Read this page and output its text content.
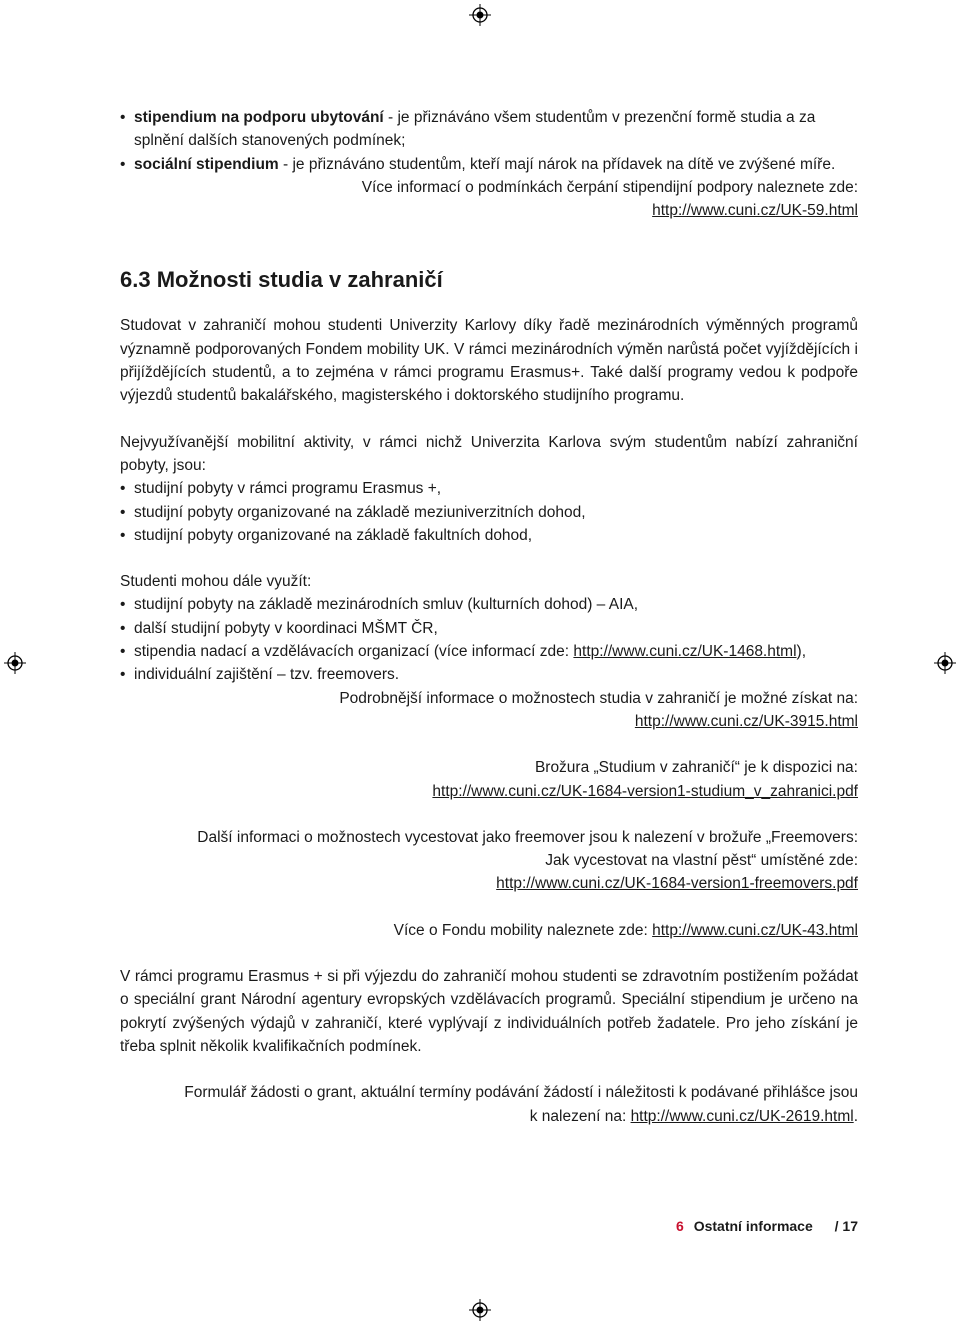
• stipendium na podporu ubytování - je přiznáváno všem studentům v prezenční formě studia a za splnění dalších stanovených podmínek;

• sociální stipendium - je přiznáváno studentům, kteří mají nárok na přídavek na dítě ve zvýšené míře.

Více informací o podmínkách čerpání stipendijní podpory naleznete zde:

http://www.cuni.cz/UK-59.html

6.3 Možnosti studia v zahraničí

Studovat v zahraničí mohou studenti Univerzity Karlovy díky řadě mezinárodních výměnných programů významně podporovaných Fondem mobility UK. V rámci mezinárodních výměn narůstá počet vyjíždějících i přijíždějících studentů, a to zejména v rámci programu Erasmus+. Také další programy vedou k podpoře výjezdů studentů bakalářského, magisterského i doktorského studijního programu.

Nejvyužívanější mobilitní aktivity, v rámci nichž Univerzita Karlova svým studentům nabízí zahraniční pobyty, jsou:

• studijní pobyty v rámci programu Erasmus +,

• studijní pobyty organizované na základě meziuniverzitních dohod,

• studijní pobyty organizované na základě fakultních dohod,

Studenti mohou dále využít:

• studijní pobyty na základě mezinárodních smluv (kulturních dohod) – AIA,

• další studijní pobyty v koordinaci MŠMT ČR,

• stipendia nadací a vzdělávacích organizací (více informací zde: http://www.cuni.cz/UK-1468.html),

• individuální zajištění – tzv. freemovers.

Podrobnější informace o možnostech studia v zahraničí je možné získat na:

http://www.cuni.cz/UK-3915.html

Brožura „Studium v zahraničí“ je k dispozici na:

http://www.cuni.cz/UK-1684-version1-studium_v_zahranici.pdf

Další informaci o možnostech vycestovat jako freemover jsou k nalezení v brožuře „Freemovers:

Jak vycestovat na vlastní pěst“ umístěné zde:

http://www.cuni.cz/UK-1684-version1-freemovers.pdf

Více o Fondu mobility naleznete zde: http://www.cuni.cz/UK-43.html

V rámci programu Erasmus + si při výjezdu do zahraničí mohou studenti se zdravotním postižením požádat o speciální grant Národní agentury evropských vzdělávacích programů. Speciální stipendium je určeno na pokrytí zvýšených výdajů v zahraničí, které vyplývají z individuálních potřeb žadatele. Pro jeho získání je třeba splnit několik kvalifikačních podmínek.

Formulář žádosti o grant, aktuální termíny podávání žádostí i náležitosti k podávané přihlášce jsou

k nalezení na: http://www.cuni.cz/UK-2619.html.

6 Ostatní informace / 17
